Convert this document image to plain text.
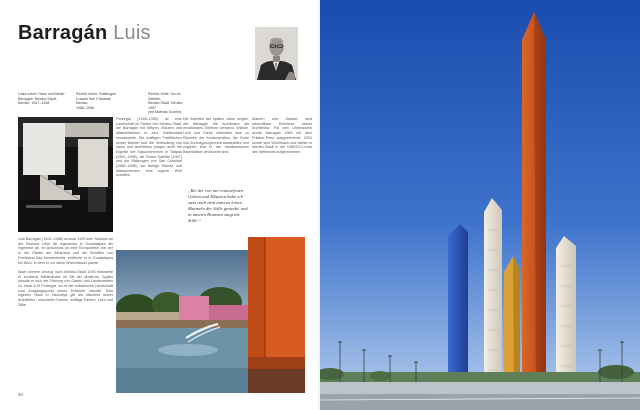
Barragán Luis
Links unten: Haus und Atelier
Barragán, Mexiko-Stadt,
Mexiko, 1947–1948
Rechts unten: Stallungen,
Cuadra San Cristóbal, Mexiko,
1966–1968
Rechte Seite: Torres Satélite,
Mexiko-Stadt, Mexiko, 1957
(mit Mathias Goeritz)

Luis Barragán (1902–1988) schloss 1925 sein Studium an der Escuela Libre de Ingenieros in Guadalajara als Ingenieur ab. Im Anschluss an eine Europareise, bei der er die Gärten der Alhambra und die Schriften von Ferdinand Bac kennenlernte, eröffnete er in Guadalajara ein Büro, in dem er vor allem Wohnhäuser plante.

Nach seinem Umzug nach Mexiko-Stadt 1935 realisierte er zunächst Mietshäuser im Stil der Moderne. Später wandte er sich der Planung von Gärten und Landschaften zu, etwa in El Pedregal, wo er die vulkanische Landschaft zum Ausgangspunkt seiner Entwürfe machte. Sein eigenes Haus in Tacubaya gilt als Manifest seiner Architektur: reduzierte Formen, kräftige Farben, Licht und Stille.

Pedregal (1945–1950) ist eine Landschaft im Süden von Mexiko-Stadt, die Barragán mit Wegen, Mauern und Wasserflächen in eine Gartenstadt verwandelte. Die kräftigen Farbflächen seiner Bauten und die Verbindung von Natur und Architektur prägen auch die Kapelle der Kapuzinerinnen in Tlalpan (1952–1955), die Torres Satélite (1957) und die Stallungen von San Cristóbal (1966–1968), wo farbige Wände und Wasserbecken eine eigene Welt schaffen.

Die Arbeiten der späten Jahre zeigen, wie Barragán die Architektur als emotionales Erlebnis verstand. Wände, Licht und Farbe verbinden sich zu Räumen der Kontemplation, die Ruhe und Zurückgezogenheit ausstrahlen und zugleich fest in der mexikanischen Bautradition verwurzelt sind.

Mauern und Wasser sind wesentliche Elemente seiner Architektur. Für sein Lebenswerk wurde Barragán 1980 mit dem Pritzker-Preis ausgezeichnet. 2004 wurde sein Wohnhaus und Atelier in Mexiko-Stadt in die UNESCO-Liste des Welterbes aufgenommen.

„Bei der von mir entworfenen Gärten und Häusern habe ich stets nach dem inneren leisen Murmeln der Stille gestrebt, und in meinen Brunnen singt die Stille.“
40
